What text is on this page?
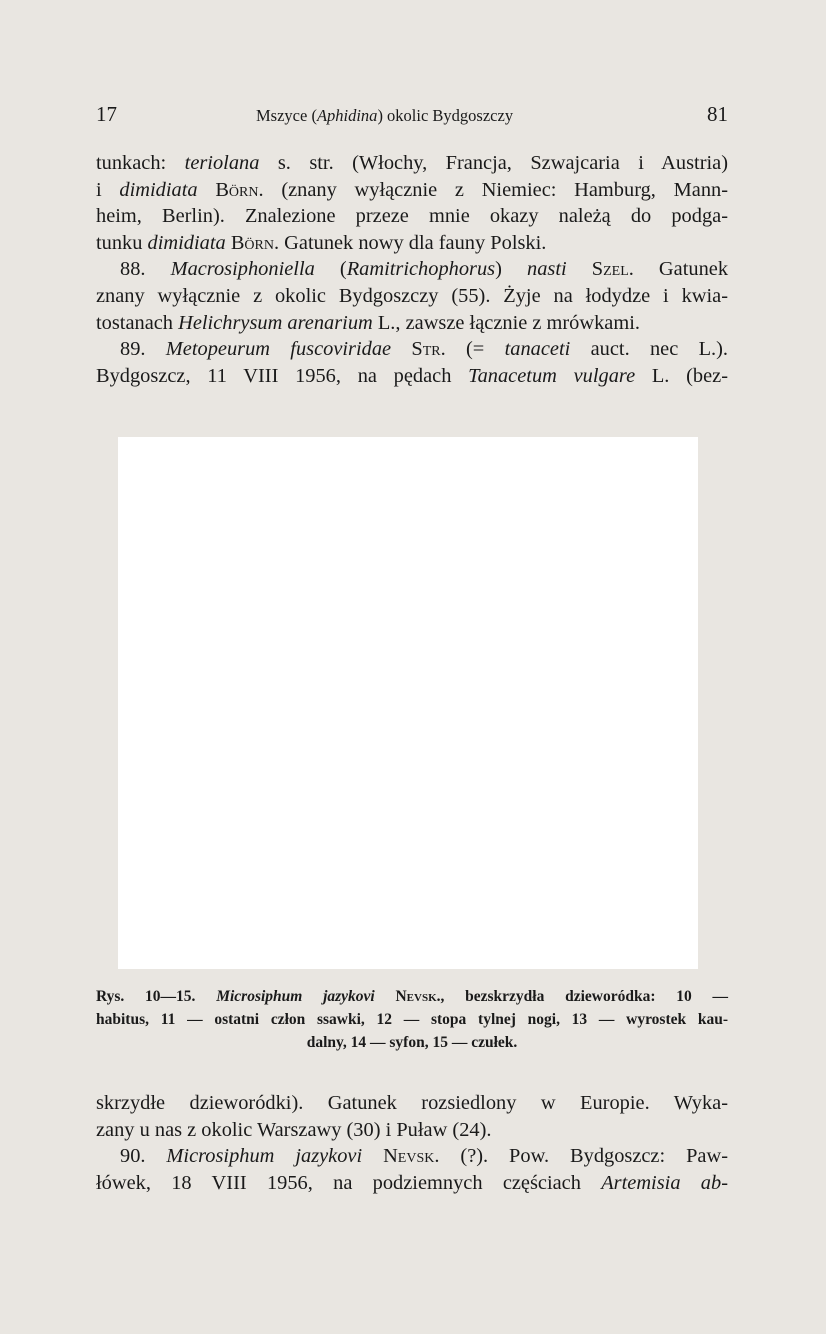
17	Mszyce (Aphidina) okolic Bydgoszczy	81
tunkach: teriolana s. str. (Włochy, Francja, Szwajcaria i Austria)
i dimidiata Börn. (znany wyłącznie z Niemiec: Hamburg, Mann-
heim, Berlin). Znalezione przeze mnie okazy należą do podga-
tunku dimidiata Börn. Gatunek nowy dla fauny Polski.
88. Macrosiphoniella (Ramitrichophorus) nasti Szel. Gatunek
znany wyłącznie z okolic Bydgoszczy (55). Żyje na łodydze i kwia-
tostanach Helichrysum arenarium L., zawsze łącznie z mrówkami.
89. Metopeurum fuscoviridae Str. (= tanaceti auct. nec L.).
Bydgoszcz, 11 VIII 1956, na pędach Tanacetum vulgare L. (bez-
Rys. 10—15. Microsiphum jazykovi Nevsk., bezskrzydła dzieworódka: 10 —
habitus, 11 — ostatni człon ssawki, 12 — stopa tylnej nogi, 13 — wyrostek kau-
dalny, 14 — syfon, 15 — czułek.
skrzydłe dzieworódki). Gatunek rozsiedlony w Europie. Wyka-
zany u nas z okolic Warszawy (30) i Puław (24).
90. Microsiphum jazykovi Nevsk. (?). Pow. Bydgoszcz: Paw-
łówek, 18 VIII 1956, na podziemnych częściach Artemisia ab-
